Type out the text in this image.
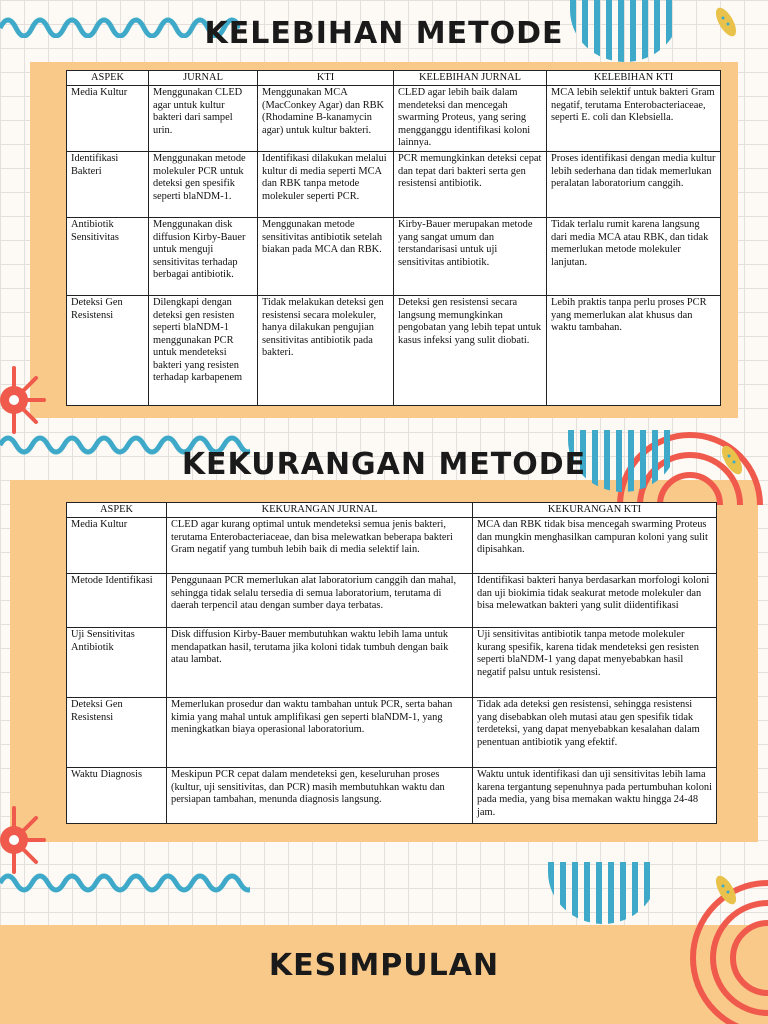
KELEBIHAN METODE
KEKURANGAN METODE
KESIMPULAN
ASPEK	JURNAL	KTI	KELEBIHAN JURNAL	KELEBIHAN KTI
Media Kultur	Menggunakan CLED agar untuk kultur bakteri dari sampel urin.	Menggunakan MCA (MacConkey Agar) dan RBK (Rhodamine B-kanamycin agar) untuk kultur bakteri.	CLED agar lebih baik dalam mendeteksi dan mencegah swarming Proteus, yang sering mengganggu identifikasi koloni lainnya.	MCA lebih selektif untuk bakteri Gram negatif, terutama Enterobacteriaceae, seperti E. coli dan Klebsiella.
Identifikasi Bakteri	Menggunakan metode molekuler PCR untuk deteksi gen spesifik seperti blaNDM-1.	Identifikasi dilakukan melalui kultur di media seperti MCA dan RBK tanpa metode molekuler seperti PCR.	PCR memungkinkan deteksi cepat dan tepat dari bakteri serta gen resistensi antibiotik.	Proses identifikasi dengan media kultur lebih sederhana dan tidak memerlukan peralatan laboratorium canggih.
Antibiotik Sensitivitas	Menggunakan disk diffusion Kirby-Bauer untuk menguji sensitivitas terhadap berbagai antibiotik.	Menggunakan metode sensitivitas antibiotik setelah biakan pada MCA dan RBK.	Kirby-Bauer merupakan metode yang sangat umum dan terstandarisasi untuk uji sensitivitas antibiotik.	Tidak terlalu rumit karena langsung dari media MCA atau RBK, dan tidak memerlukan metode molekuler lanjutan.
Deteksi Gen Resistensi	Dilengkapi dengan deteksi gen resisten seperti blaNDM-1 menggunakan PCR untuk mendeteksi bakteri yang resisten terhadap karbapenem	Tidak melakukan deteksi gen resistensi secara molekuler, hanya dilakukan pengujian sensitivitas antibiotik pada bakteri.	Deteksi gen resistensi secara langsung memungkinkan pengobatan yang lebih tepat untuk kasus infeksi yang sulit diobati.	Lebih praktis tanpa perlu proses PCR yang memerlukan alat khusus dan waktu tambahan.
ASPEK	KEKURANGAN JURNAL	KEKURANGAN KTI
Media Kultur	CLED agar kurang optimal untuk mendeteksi semua jenis bakteri, terutama Enterobacteriaceae, dan bisa melewatkan beberapa bakteri Gram negatif yang tumbuh lebih baik di media selektif lain.	MCA dan RBK tidak bisa mencegah swarming Proteus dan mungkin menghasilkan campuran koloni yang sulit dipisahkan.
Metode Identifikasi	Penggunaan PCR memerlukan alat laboratorium canggih dan mahal, sehingga tidak selalu tersedia di semua laboratorium, terutama di daerah terpencil atau dengan sumber daya terbatas.	Identifikasi bakteri hanya berdasarkan morfologi koloni dan uji biokimia tidak seakurat metode molekuler dan bisa melewatkan bakteri yang sulit diidentifikasi
Uji Sensitivitas Antibiotik	Disk diffusion Kirby-Bauer membutuhkan waktu lebih lama untuk mendapatkan hasil, terutama jika koloni tidak tumbuh dengan baik atau lambat.	Uji sensitivitas antibiotik tanpa metode molekuler kurang spesifik, karena tidak mendeteksi gen resisten seperti blaNDM-1 yang dapat menyebabkan hasil negatif palsu untuk resistensi.
Deteksi Gen Resistensi	Memerlukan prosedur dan waktu tambahan untuk PCR, serta bahan kimia yang mahal untuk amplifikasi gen seperti blaNDM-1, yang meningkatkan biaya operasional laboratorium.	Tidak ada deteksi gen resistensi, sehingga resistensi yang disebabkan oleh mutasi atau gen spesifik tidak terdeteksi, yang dapat menyebabkan kesalahan dalam penentuan antibiotik yang efektif.
Waktu Diagnosis	Meskipun PCR cepat dalam mendeteksi gen, keseluruhan proses (kultur, uji sensitivitas, dan PCR) masih membutuhkan waktu dan persiapan tambahan, menunda diagnosis langsung.	Waktu untuk identifikasi dan uji sensitivitas lebih lama karena tergantung sepenuhnya pada pertumbuhan koloni pada media, yang bisa memakan waktu hingga 24-48 jam.
